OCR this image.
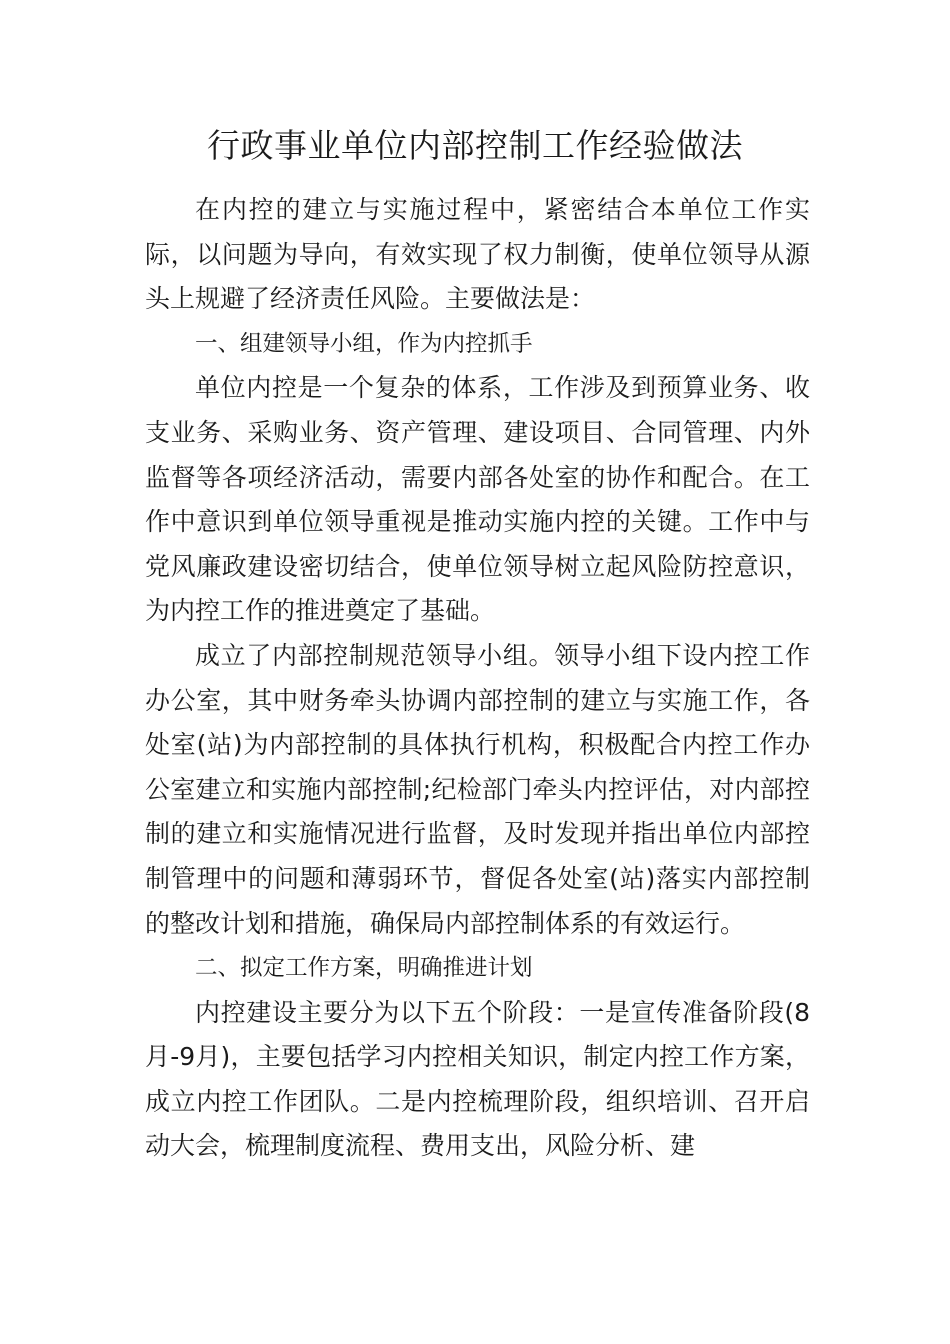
行政事业单位内部控制工作经验做法

在内控的建立与实施过程中，紧密结合本单位工作实际，以问题为导向，有效实现了权力制衡，使单位领导从源头上规避了经济责任风险。主要做法是：

一、组建领导小组，作为内控抓手

单位内控是一个复杂的体系，工作涉及到预算业务、收支业务、采购业务、资产管理、建设项目、合同管理、内外监督等各项经济活动，需要内部各处室的协作和配合。在工作中意识到单位领导重视是推动实施内控的关键。工作中与党风廉政建设密切结合，使单位领导树立起风险防控意识，为内控工作的推进奠定了基础。

成立了内部控制规范领导小组。领导小组下设内控工作办公室，其中财务牵头协调内部控制的建立与实施工作，各处室(站)为内部控制的具体执行机构，积极配合内控工作办公室建立和实施内部控制;纪检部门牵头内控评估，对内部控制的建立和实施情况进行监督，及时发现并指出单位内部控制管理中的问题和薄弱环节，督促各处室(站)落实内部控制的整改计划和措施，确保局内部控制体系的有效运行。

二、拟定工作方案，明确推进计划

内控建设主要分为以下五个阶段：一是宣传准备阶段(8月-9月)，主要包括学习内控相关知识，制定内控工作方案，成立内控工作团队。二是内控梳理阶段，组织培训、召开启动大会，梳理制度流程、费用支出，风险分析、建
